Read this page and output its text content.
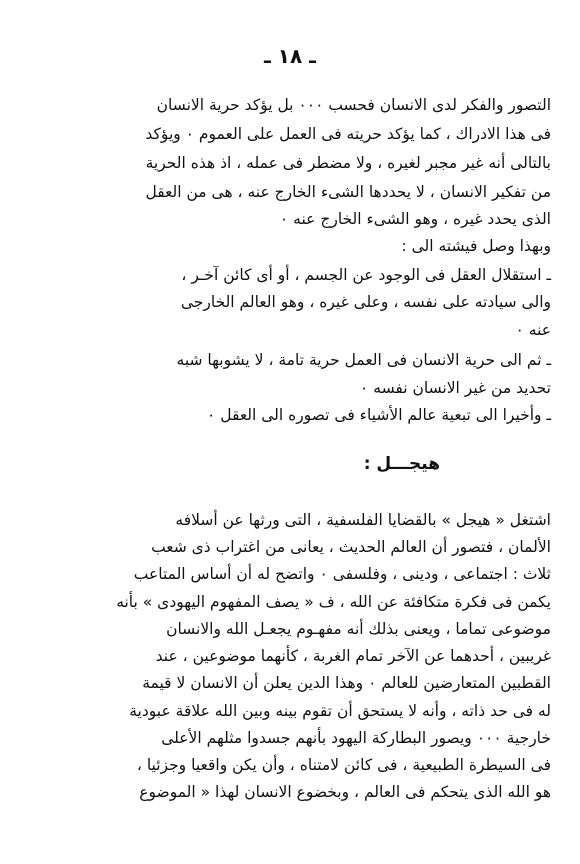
ـ ١٨ ـ
التصور والفكر لدى الانسان فحسب ٠٠٠ بل يؤكد حرية الانسان
فى هذا الادراك ، كما يؤكد حريته فى العمل على العموم ٠ ويؤكد
بالتالى أنه غير مجبر لغيره ، ولا مضطر فى عمله ، اذ هذه الحرية
من تفكير الانسان ، لا يحددها الشىء الخارج عنه ، هى من العقل
الذى يحدد غيره ، وهو الشىء الخارج عنه ٠
وبهذا وصل فيشته الى :
ـ استقلال العقل فى الوجود عن الجسم ، أو أى كائن آخـر ،
والى سيادته على نفسه ، وعلى غيره ، وهو العالم الخارجى
عنه ٠
ـ ثم الى حرية الانسان فى العمل حرية تامة ، لا يشوبها شبه
تحديد من غير الانسان نفسه ٠
ـ وأخيرا الى تبعية عالم الأشياء فى تصوره الى العقل ٠
هيجـــل :
اشتغل « هيجل » بالقضايا الفلسفية ، التى ورثها عن أسلافه
الألمان ، فتصور أن العالم الحديث ، يعانى من اغتراب ذى شعب
ثلاث : اجتماعى ، ودينى ، وفلسفى ٠ واتضح له أن أساس المتاعب
يكمن فى فكرة متكافئة عن الله ، ف « يصف المفهوم اليهودى » بأنه
موضوعى تماما ، ويعنى بذلك أنه مفهـوم يجعـل الله والانسان
غريبين ، أحدهما عن الآخر تمام الغربة ، كأنهما موضوعين ، عند
القطبين المتعارضين للعالم ٠ وهذا الدين يعلن أن الانسان لا قيمة
له فى حد ذاته ، وأنه لا يستحق أن تقوم بينه وبين الله علاقة عبودية
خارجية ٠٠٠ ويصور البطاركة اليهود بأنهم جسدوا مثلهم الأعلى
فى السيطرة الطبيعية ، فى كائن لامتناه ، وأن يكن واقعيا وجزئيا ،
هو الله الذى يتحكم فى العالم ، وبخضوع الانسان لهذا « الموضوع
